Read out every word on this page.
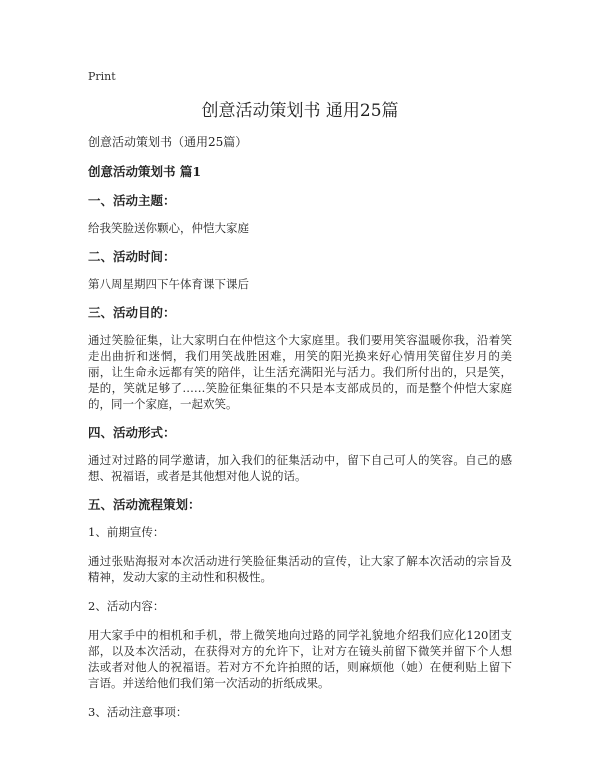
Print
创意活动策划书 通用25篇
创意活动策划书（通用25篇）
创意活动策划书 篇1
一、活动主题：
给我笑脸送你颗心，仲恺大家庭
二、活动时间：
第八周星期四下午体育课下课后
三、活动目的：
通过笑脸征集，让大家明白在仲恺这个大家庭里。我们要用笑容温暖你我，沿着笑走出曲折和迷惘，我们用笑战胜困难，用笑的阳光换来好心情用笑留住岁月的美丽，让生命永远都有笑的陪伴，让生活充满阳光与活力。我们所付出的，只是笑，是的，笑就足够了……笑脸征集征集的不只是本支部成员的，而是整个仲恺大家庭的，同一个家庭，一起欢笑。
四、活动形式：
通过对过路的同学邀请，加入我们的征集活动中，留下自己可人的笑容。自己的感想、祝福语，或者是其他想对他人说的话。
五、活动流程策划：
1、前期宣传：
通过张贴海报对本次活动进行笑脸征集活动的宣传，让大家了解本次活动的宗旨及精神，发动大家的主动性和积极性。
2、活动内容：
用大家手中的相机和手机，带上微笑地向过路的同学礼貌地介绍我们应化120团支部，以及本次活动，在获得对方的允许下，让对方在镜头前留下微笑并留下个人想法或者对他人的祝福语。若对方不允许拍照的话，则麻烦他（她）在便利贴上留下言语。并送给他们我们第一次活动的折纸成果。
3、活动注意事项：
